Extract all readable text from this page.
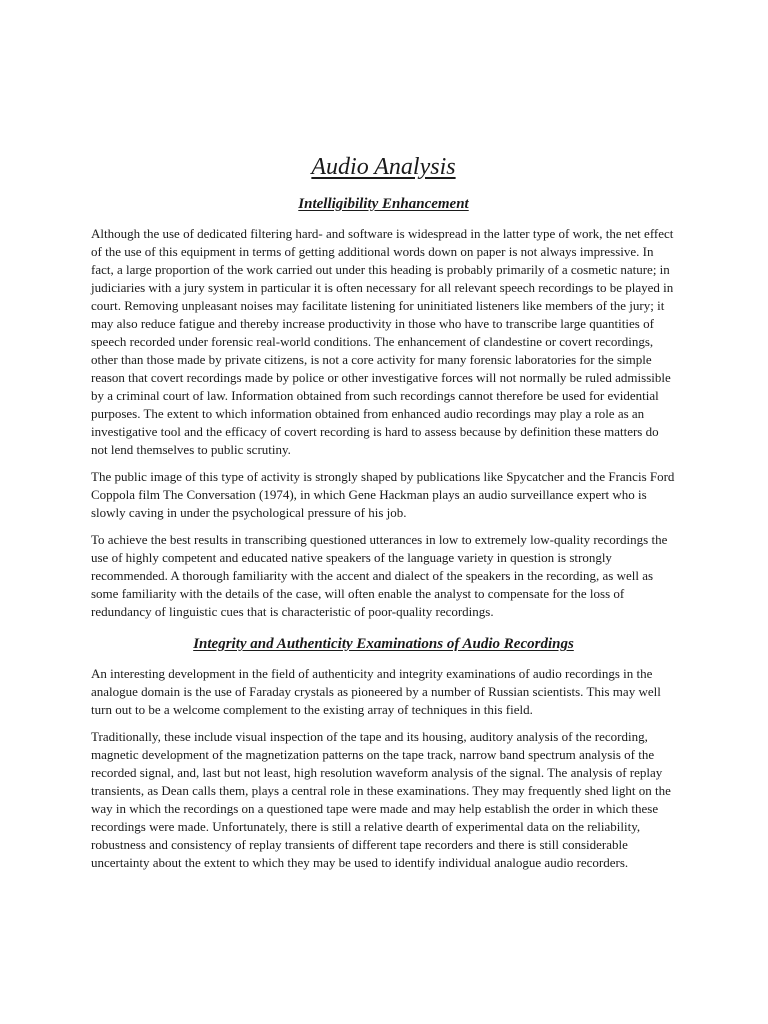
Audio Analysis
Intelligibility Enhancement

Although the use of dedicated filtering hard- and software is widespread in the latter type of work, the net effect of the use of this equipment in terms of getting additional words down on paper is not always impressive. In fact, a large proportion of the work carried out under this heading is probably primarily of a cosmetic nature; in judiciaries with a jury system in particular it is often necessary for all relevant speech recordings to be played in court. Removing unpleasant noises may facilitate listening for uninitiated listeners like members of the jury; it may also reduce fatigue and thereby increase productivity in those who have to transcribe large quantities of speech recorded under forensic real-world conditions. The enhancement of clandestine or covert recordings, other than those made by private citizens, is not a core activity for many forensic laboratories for the simple reason that covert recordings made by police or other investigative forces will not normally be ruled admissible by a criminal court of law. Information obtained from such recordings cannot therefore be used for evidential purposes. The extent to which information obtained from enhanced audio recordings may play a role as an investigative tool and the efficacy of covert recording is hard to assess because by definition these matters do not lend themselves to public scrutiny.

The public image of this type of activity is strongly shaped by publications like Spycatcher and the Francis Ford Coppola film The Conversation (1974), in which Gene Hackman plays an audio surveillance expert who is slowly caving in under the psychological pressure of his job.

To achieve the best results in transcribing questioned utterances in low to extremely low-quality recordings the use of highly competent and educated native speakers of the language variety in question is strongly recommended. A thorough familiarity with the accent and dialect of the speakers in the recording, as well as some familiarity with the details of the case, will often enable the analyst to compensate for the loss of redundancy of linguistic cues that is characteristic of poor-quality recordings.

Integrity and Authenticity Examinations of Audio Recordings

An interesting development in the field of authenticity and integrity examinations of audio recordings in the analogue domain is the use of Faraday crystals as pioneered by a number of Russian scientists. This may well turn out to be a welcome complement to the existing array of techniques in this field.

Traditionally, these include visual inspection of the tape and its housing, auditory analysis of the recording, magnetic development of the magnetization patterns on the tape track, narrow band spectrum analysis of the recorded signal, and, last but not least, high resolution waveform analysis of the signal. The analysis of replay transients, as Dean calls them, plays a central role in these examinations. They may frequently shed light on the way in which the recordings on a questioned tape were made and may help establish the order in which these recordings were made. Unfortunately, there is still a relative dearth of experimental data on the reliability, robustness and consistency of replay transients of different tape recorders and there is still considerable uncertainty about the extent to which they may be used to identify individual analogue audio recorders.
